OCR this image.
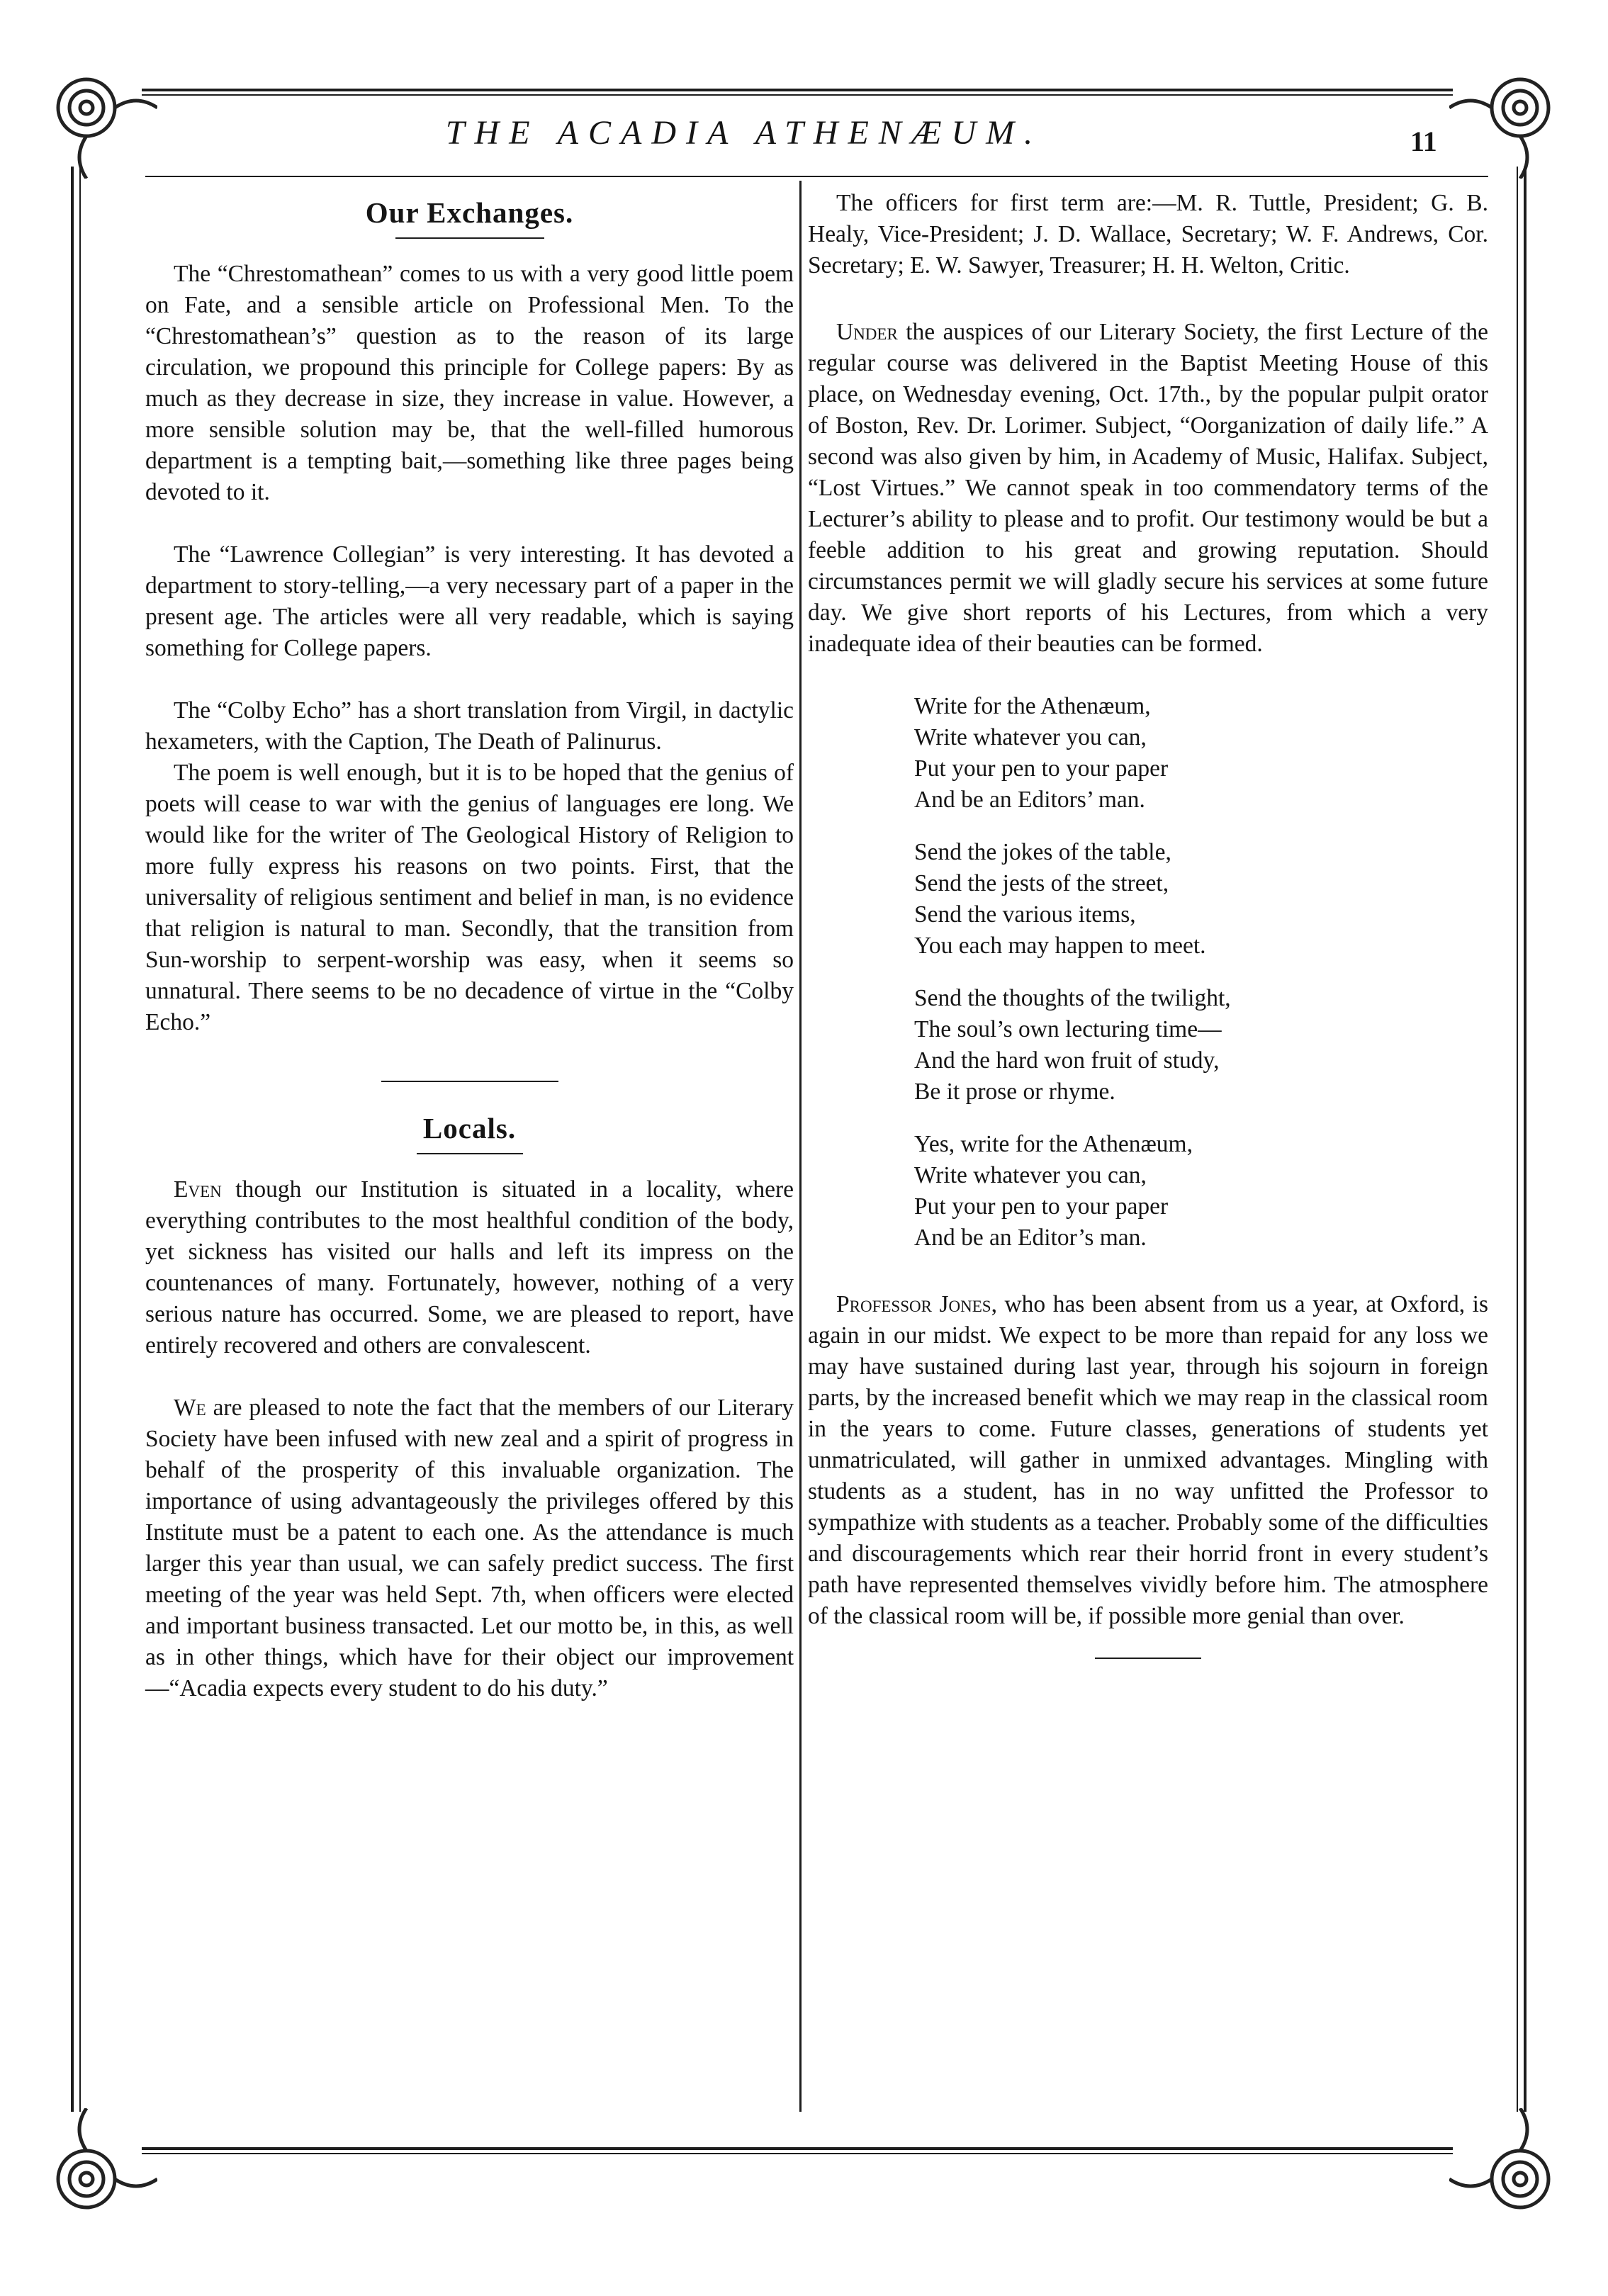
THE ACADIA ATHENÆUM.	11
Our Exchanges.

The “Chrestomathean” comes to us with a very good little poem on Fate, and a sensible article on Professional Men. To the “Chrestomathean’s” question as to the reason of its large circulation, we propound this principle for College papers: By as much as they decrease in size, they increase in value. However, a more sensible solution may be, that the well-filled humorous department is a tempting bait,—something like three pages being devoted to it.

The “Lawrence Collegian” is very interesting. It has devoted a department to story-telling,—a very necessary part of a paper in the present age. The articles were all very readable, which is saying something for College papers.

The “Colby Echo” has a short translation from Virgil, in dactylic hexameters, with the Caption, The Death of Palinurus.

The poem is well enough, but it is to be hoped that the genius of poets will cease to war with the genius of languages ere long. We would like for the writer of The Geological History of Religion to more fully express his reasons on two points. First, that the universality of religious sentiment and belief in man, is no evidence that religion is natural to man. Secondly, that the transition from Sun-worship to serpent-worship was easy, when it seems so unnatural. There seems to be no decadence of virtue in the “Colby Echo.”

Locals.

Even though our Institution is situated in a locality, where everything contributes to the most healthful condition of the body, yet sickness has visited our halls and left its impress on the countenances of many. Fortunately, however, nothing of a very serious nature has occurred. Some, we are pleased to report, have entirely recovered and others are convalescent.

We are pleased to note the fact that the members of our Literary Society have been infused with new zeal and a spirit of progress in behalf of the prosperity of this invaluable organization. The importance of using advantageously the privileges offered by this Institute must be a patent to each one. As the attendance is much larger this year than usual, we can safely predict success. The first meeting of the year was held Sept. 7th, when officers were elected and important business transacted. Let our motto be, in this, as well as in other things, which have for their object our improvement—“Acadia expects every student to do his duty.”

The officers for first term are:—M. R. Tuttle, President; G. B. Healy, Vice-President; J. D. Wallace, Secretary; W. F. Andrews, Cor. Secretary; E. W. Sawyer, Treasurer; H. H. Welton, Critic.

Under the auspices of our Literary Society, the first Lecture of the regular course was delivered in the Baptist Meeting House of this place, on Wednesday evening, Oct. 17th., by the popular pulpit orator of Boston, Rev. Dr. Lorimer. Subject, “Oorganization of daily life.” A second was also given by him, in Academy of Music, Halifax. Subject, “Lost Virtues.” We cannot speak in too commendatory terms of the Lecturer’s ability to please and to profit. Our testimony would be but a feeble addition to his great and growing reputation. Should circumstances permit we will gladly secure his services at some future day. We give short reports of his Lectures, from which a very inadequate idea of their beauties can be formed.

Write for the Athenæum,
Write whatever you can,
Put your pen to your paper
And be an Editors’ man.
Send the jokes of the table,
Send the jests of the street,
Send the various items,
You each may happen to meet.
Send the thoughts of the twilight,
The soul’s own lecturing time—
And the hard won fruit of study,
Be it prose or rhyme.
Yes, write for the Athenæum,
Write whatever you can,
Put your pen to your paper
And be an Editor’s man.

Professor Jones, who has been absent from us a year, at Oxford, is again in our midst. We expect to be more than repaid for any loss we may have sustained during last year, through his sojourn in foreign parts, by the increased benefit which we may reap in the classical room in the years to come. Future classes, generations of students yet unmatriculated, will gather in unmixed advantages. Mingling with students as a student, has in no way unfitted the Professor to sympathize with students as a teacher. Probably some of the difficulties and discouragements which rear their horrid front in every student’s path have represented themselves vividly before him. The atmosphere of the classical room will be, if possible more genial than over.
